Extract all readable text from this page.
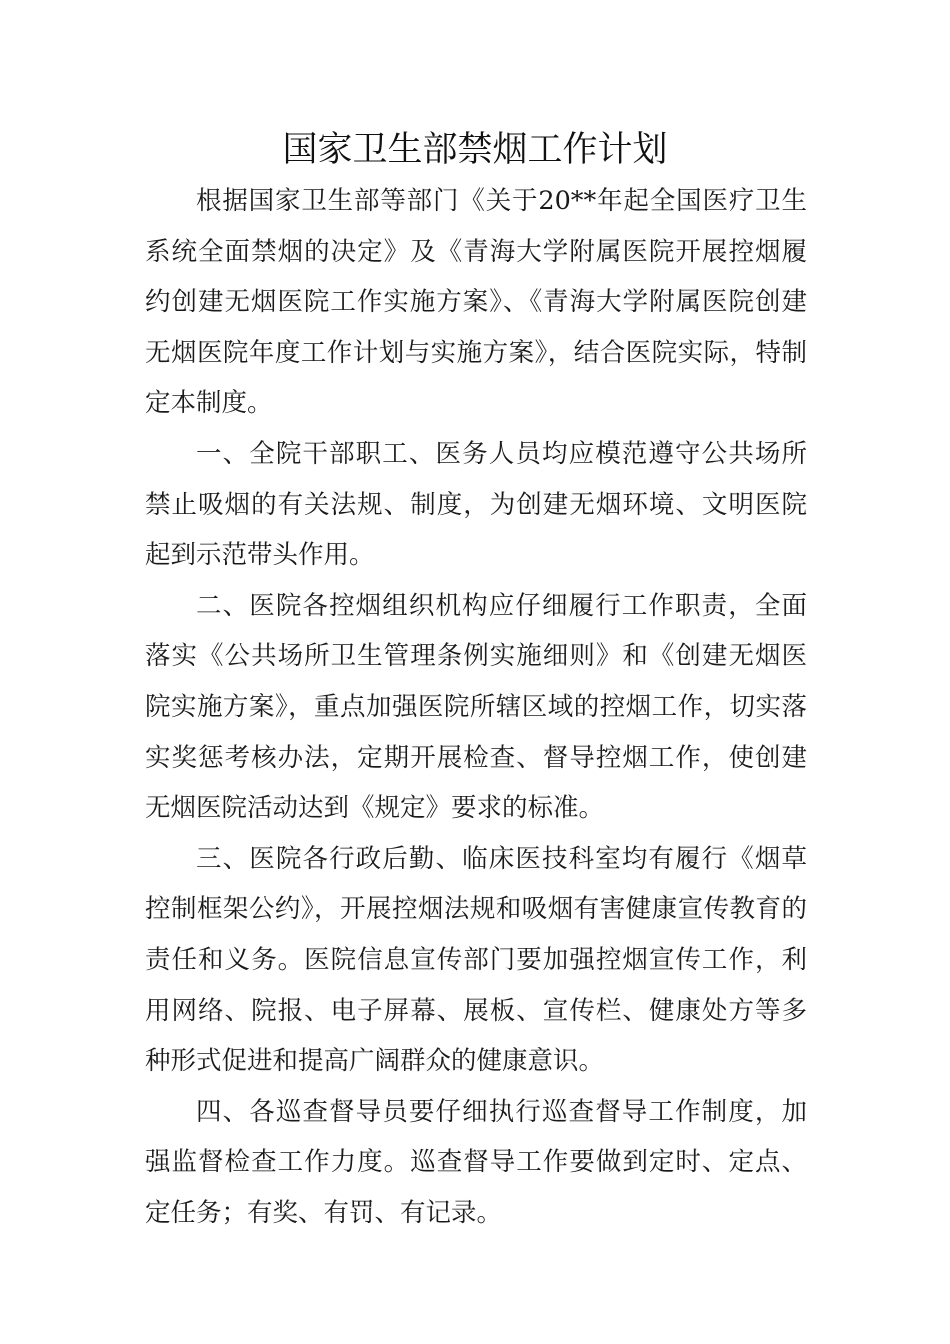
国家卫生部禁烟工作计划

根据国家卫生部等部门《关于20**年起全国医疗卫生系统全面禁烟的决定》及《青海大学附属医院开展控烟履约创建无烟医院工作实施方案》、《青海大学附属医院创建无烟医院年度工作计划与实施方案》，结合医院实际，特制定本制度。

一、全院干部职工、医务人员均应模范遵守公共场所禁止吸烟的有关法规、制度，为创建无烟环境、文明医院起到示范带头作用。

二、医院各控烟组织机构应仔细履行工作职责，全面落实《公共场所卫生管理条例实施细则》和《创建无烟医院实施方案》，重点加强医院所辖区域的控烟工作，切实落实奖惩考核办法，定期开展检查、督导控烟工作，使创建无烟医院活动达到《规定》要求的标准。

三、医院各行政后勤、临床医技科室均有履行《烟草控制框架公约》，开展控烟法规和吸烟有害健康宣传教育的责任和义务。医院信息宣传部门要加强控烟宣传工作，利用网络、院报、电子屏幕、展板、宣传栏、健康处方等多种形式促进和提高广阔群众的健康意识。

四、各巡查督导员要仔细执行巡查督导工作制度，加强监督检查工作力度。巡查督导工作要做到定时、定点、定任务；有奖、有罚、有记录。
